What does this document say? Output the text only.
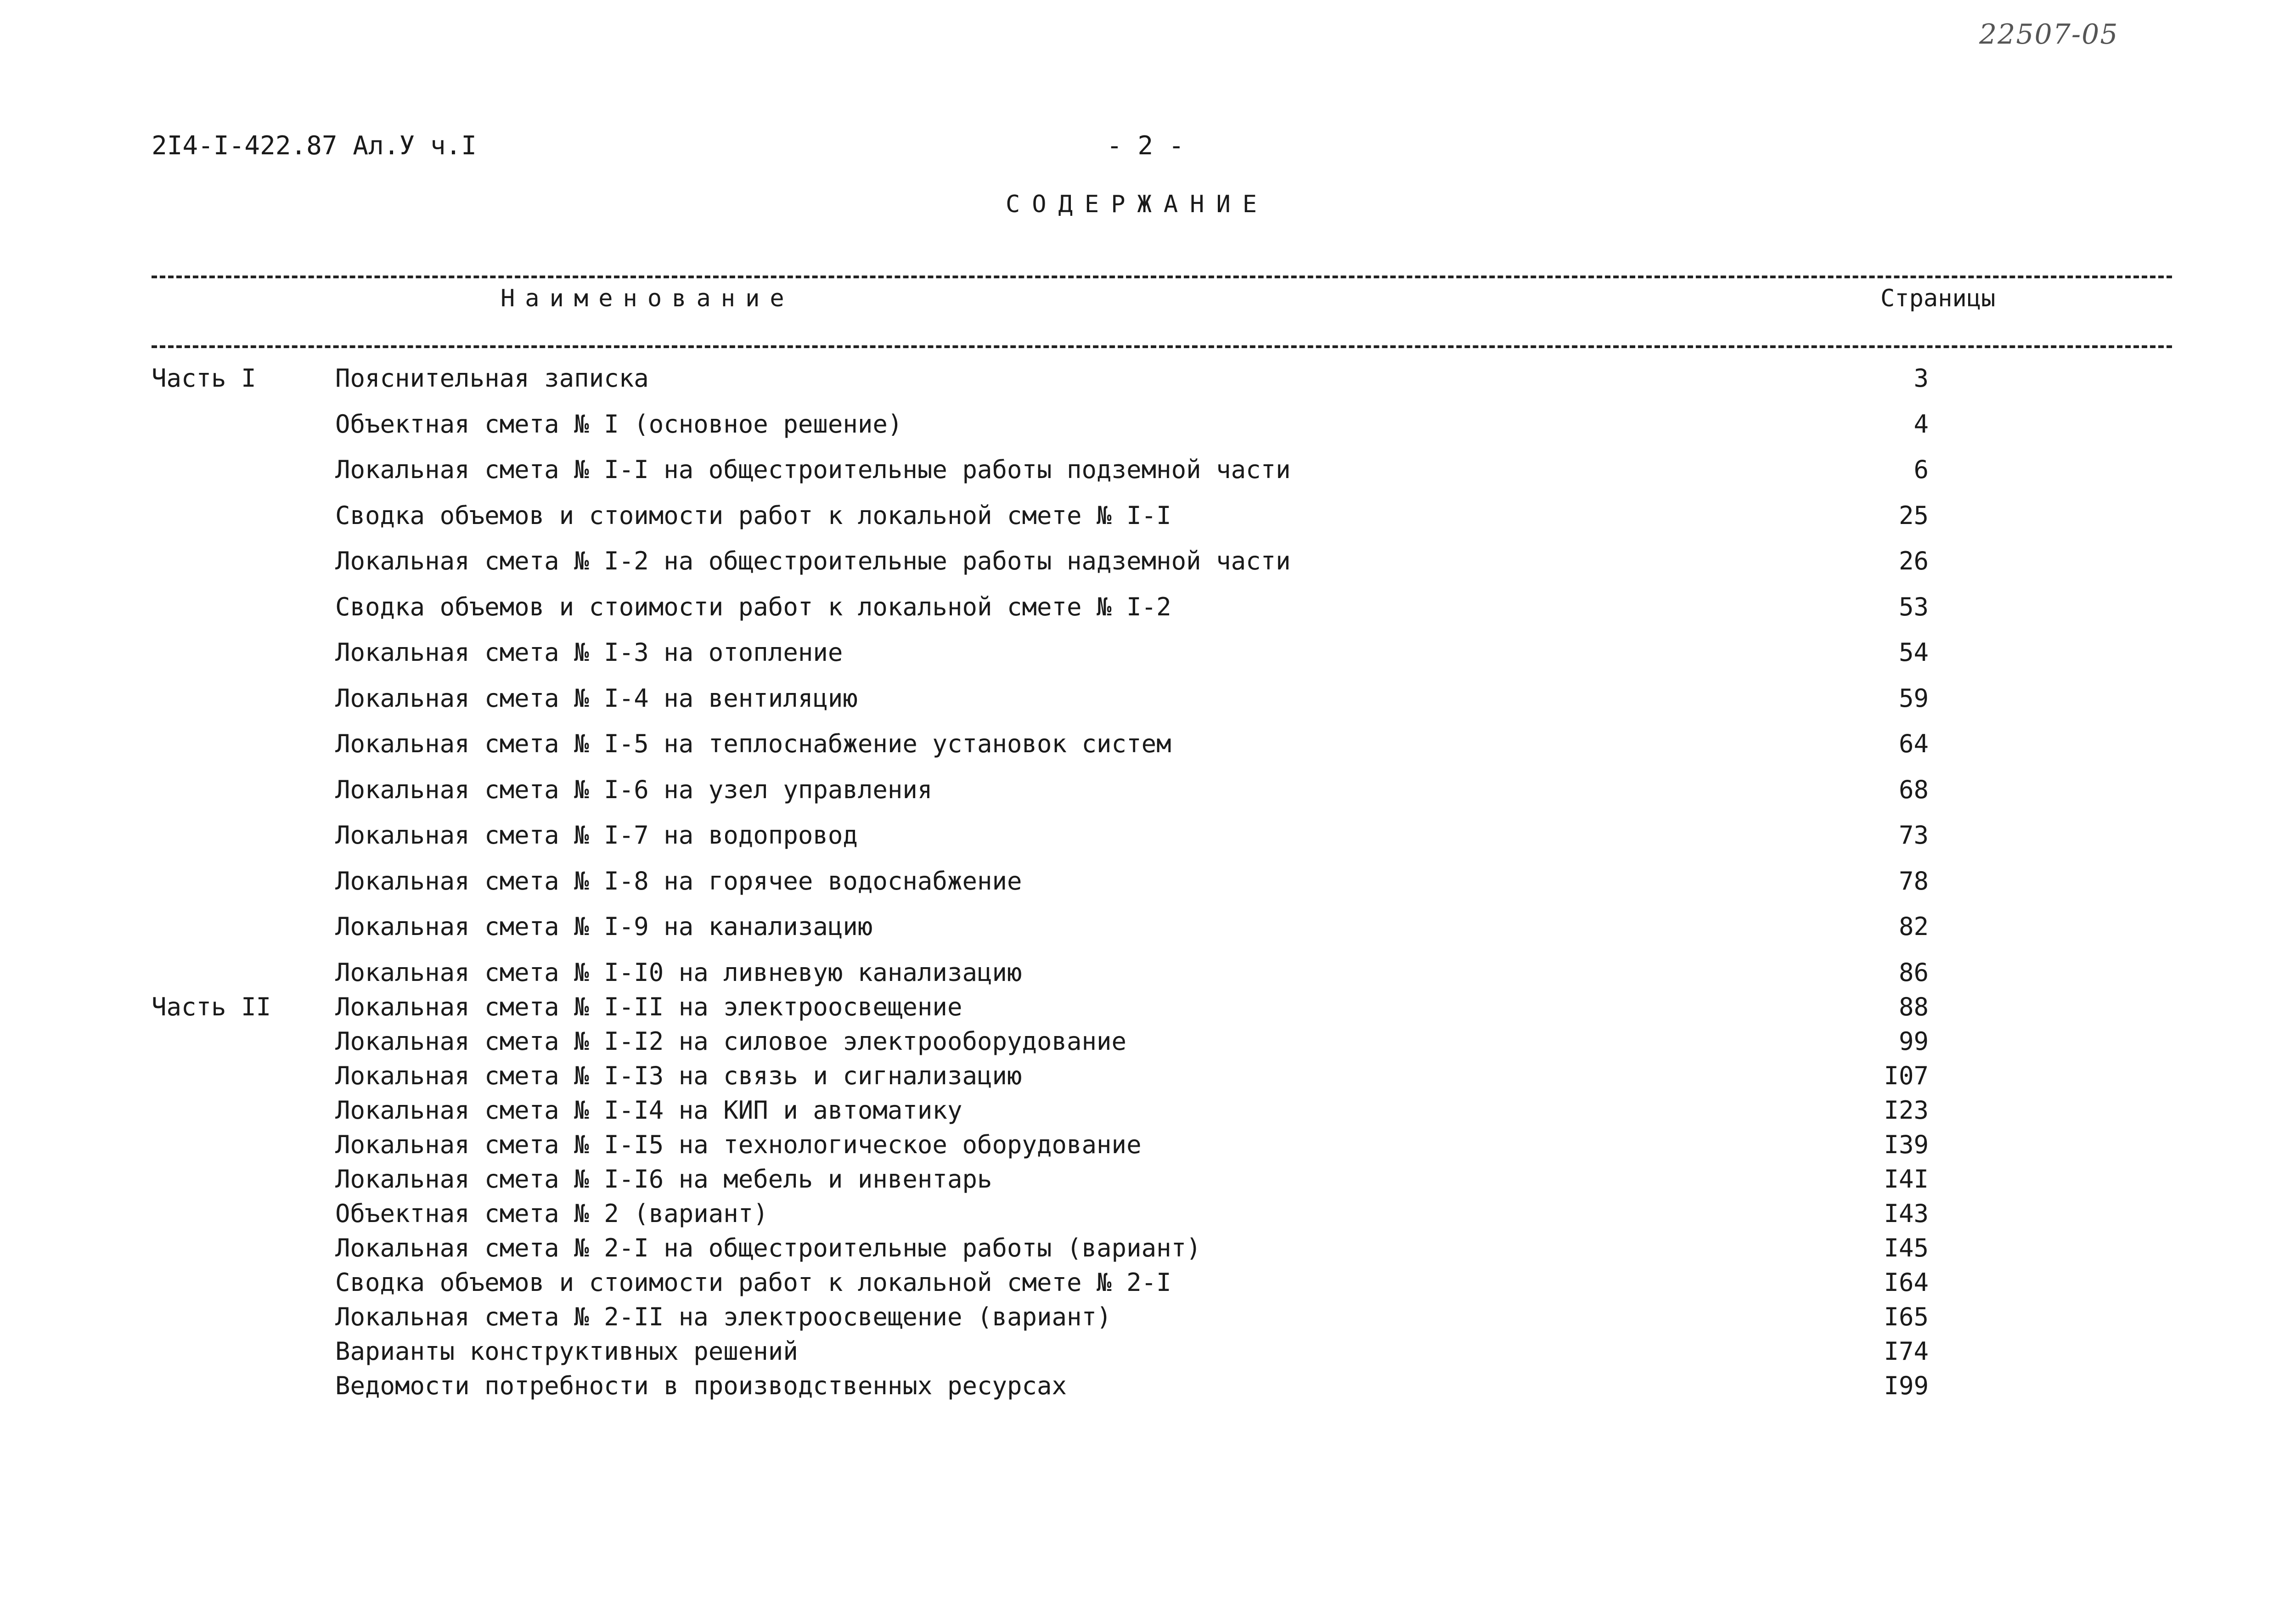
22507-05
2I4-I-422.87 Ал.У ч.I	- 2 -
СОДЕРЖАНИЕ
Наименование	Страницы
Часть I	Пояснительная записка	3
Объектная смета № I (основное решение)	4
Локальная смета № I-I на общестроительные работы подземной части	6
Сводка объемов и стоимости работ к локальной смете № I-I	25
Локальная смета № I-2 на общестроительные работы надземной части	26
Сводка объемов и стоимости работ к локальной смете № I-2	53
Локальная смета № I-3 на отопление	54
Локальная смета № I-4 на вентиляцию	59
Локальная смета № I-5 на теплоснабжение установок систем	64
Локальная смета № I-6 на узел управления	68
Локальная смета № I-7 на водопровод	73
Локальная смета № I-8 на горячее водоснабжение	78
Локальная смета № I-9 на канализацию	82
Локальная смета № I-I0 на ливневую канализацию	86
Часть II	Локальная смета № I-II на электроосвещение	88
Локальная смета № I-I2 на силовое электрооборудование	99
Локальная смета № I-I3 на связь и сигнализацию	I07
Локальная смета № I-I4 на КИП и автоматику	I23
Локальная смета № I-I5 на технологическое оборудование	I39
Локальная смета № I-I6 на мебель и инвентарь	I4I
Объектная смета № 2 (вариант)	I43
Локальная смета № 2-I на общестроительные работы (вариант)	I45
Сводка объемов и стоимости работ к локальной смете № 2-I	I64
Локальная смета № 2-II на электроосвещение (вариант)	I65
Варианты конструктивных решений	I74
Ведомости потребности в производственных ресурсах	I99
